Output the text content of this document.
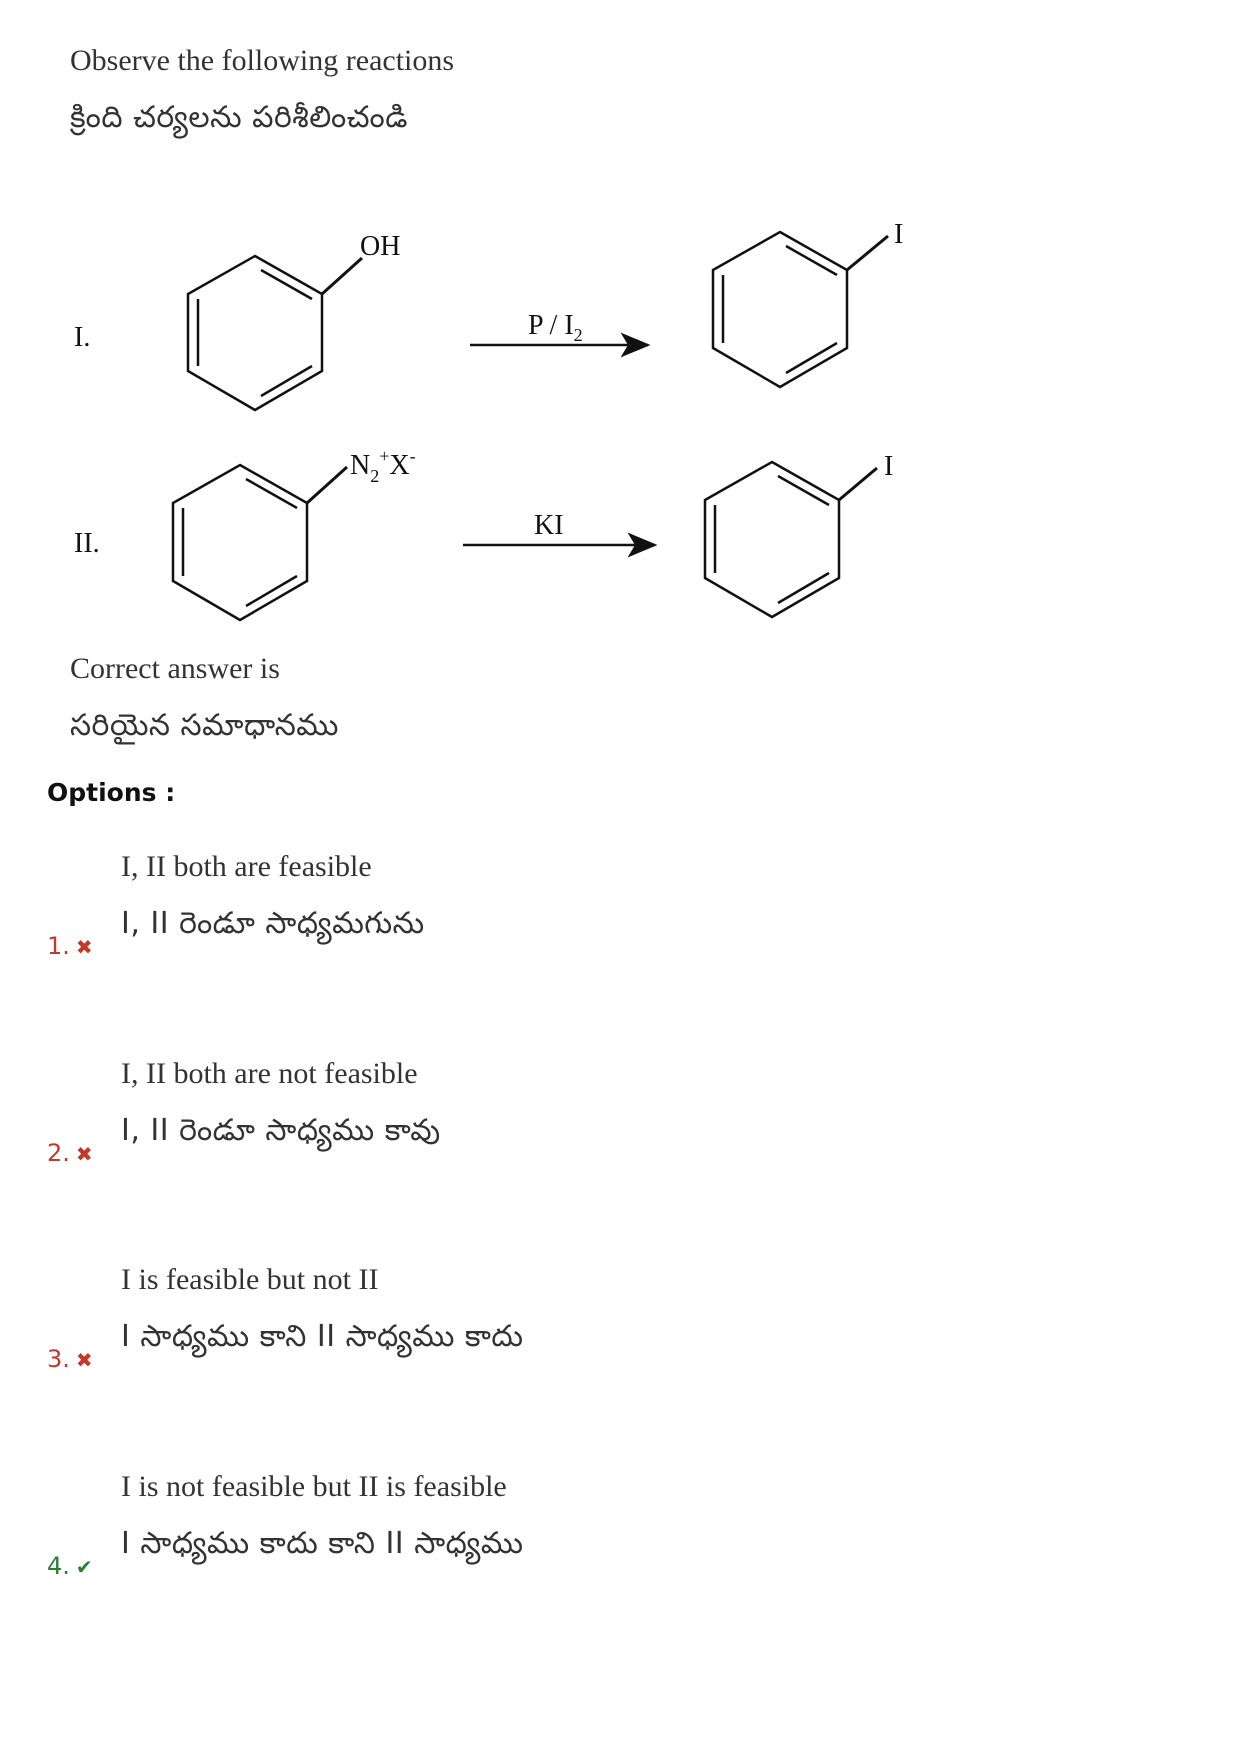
Observe the following reactions
క్రింది చర్యలను పరిశీలించండి
I.
OH
P / $I_2$
I
II.
$N_2^+X^-$
KI
I
Correct answer is
సరియైన సమాధానము
Options :
I, II both are feasible
I, II రెండూ సాధ్యమగును
1. ✖
I, II both are not feasible
I, II రెండూ సాధ్యము కావు
2. ✖
I is feasible but not II
I సాధ్యము కాని II సాధ్యము కాదు
3. ✖
I is not feasible but II is feasible
I సాధ్యము కాదు కాని II సాధ్యము
4. ✔
